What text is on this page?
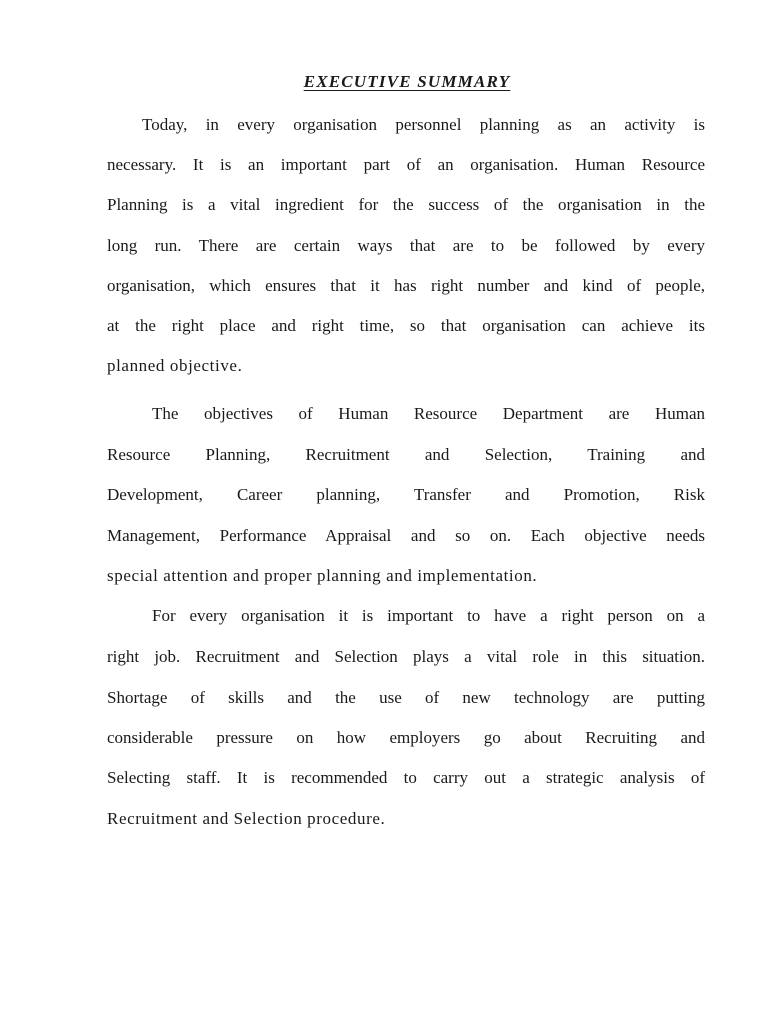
EXECUTIVE SUMMARY
Today, in every organisation personnel planning as an activity is
necessary. It is an important part of an organisation. Human Resource
Planning is a vital ingredient for the success of the organisation in the
long run. There are certain ways that are to be followed by every
organisation, which ensures that it has right number and kind of people,
at the right place and right time, so that organisation can achieve its
planned objective.
The objectives of Human Resource Department are Human
Resource Planning, Recruitment and Selection, Training and
Development, Career planning, Transfer and Promotion, Risk
Management, Performance Appraisal and so on. Each objective needs
special attention and proper planning and implementation.
For every organisation it is important to have a right person on a
right job. Recruitment and Selection plays a vital role in this situation.
Shortage of skills and the use of new technology are putting
considerable pressure on how employers go about Recruiting and
Selecting staff. It is recommended to carry out a strategic analysis of
Recruitment and Selection procedure.
